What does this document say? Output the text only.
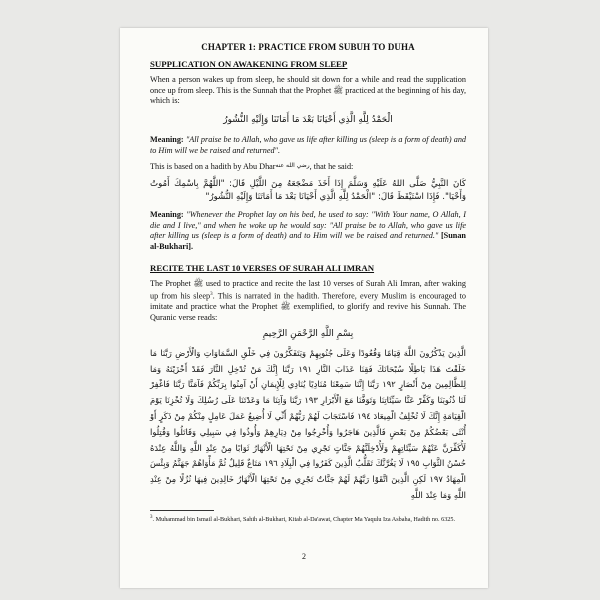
CHAPTER 1: PRACTICE FROM SUBUH TO DUHA
SUPPLICATION ON AWAKENING FROM SLEEP

When a person wakes up from sleep, he should sit down for a while and read the supplication once up from sleep. This is the Sunnah that the Prophet ﷺ practiced at the beginning of his day, which is:

الْحَمْدُ لِلَّهِ الَّذِي أَحْيَانَا بَعْدَ مَا أَمَاتَنَا وَإِلَيْهِ النُّشُورُ

Meaning: "All praise be to Allah, who gave us life after killing us (sleep is a form of death) and to Him will we be raised and returned".

This is based on a hadith by Abu Dhar$^{رضي الله عنه}$, that he said:

كَانَ النَّبِيُّ صَلَّى اللهُ عَلَيْهِ وَسَلَّمَ إِذَا أَخَذَ مَضْجَعَهُ مِنَ اللَّيْلِ قَالَ: "اللَّهُمَّ بِاسْمِكَ أَمُوتُ وَأَحْيَا". فَإِذَا اسْتَيْقَظَ قَالَ: "الْحَمْدُ لِلَّهِ الَّذِي أَحْيَانَا بَعْدَ مَا أَمَاتَنَا وَإِلَيْهِ النُّشُورُ"

Meaning: "Whenever the Prophet lay on his bed, he used to say: "With Your name, O Allah, I die and I live," and when he woke up he would say: "All praise be to Allah, who gave us life after killing us (sleep is a form of death) and to Him will we be raised and returned." [Sunan al-Bukhari].

RECITE THE LAST 10 VERSES OF SURAH ALI IMRAN

The Prophet ﷺ used to practice and recite the last 10 verses of Surah Ali Imran, after waking up from his sleep$^3$. This is narrated in the hadith. Therefore, every Muslim is encouraged to imitate and practice what the Prophet ﷺ exemplified, to glorify and revive his Sunnah. The Quranic verse reads:

بِسْمِ اللَّهِ الرَّحْمَنِ الرَّحِيمِ
الَّذِينَ يَذْكُرُونَ اللَّهَ قِيَامًا وَقُعُودًا وَعَلَى جُنُوبِهِمْ وَيَتَفَكَّرُونَ فِي خَلْقِ السَّمَاوَاتِ وَالْأَرْضِ رَبَّنَا مَا خَلَقْتَ هَذَا بَاطِلًا سُبْحَانَكَ فَقِنَا عَذَابَ النَّارِ ١٩١ رَبَّنَا إِنَّكَ مَنْ تُدْخِلِ النَّارَ فَقَدْ أَخْزَيْتَهُ وَمَا لِلظَّالِمِينَ مِنْ أَنْصَارٍ ١٩٢ رَبَّنَا إِنَّنَا سَمِعْنَا مُنَادِيًا يُنَادِي لِلْإِيمَانِ أَنْ آمِنُوا بِرَبِّكُمْ فَآمَنَّا رَبَّنَا فَاغْفِرْ لَنَا ذُنُوبَنَا وَكَفِّرْ عَنَّا سَيِّئَاتِنَا وَتَوَفَّنَا مَعَ الْأَبْرَارِ ١٩٣ رَبَّنَا وَآتِنَا مَا وَعَدْتَنَا عَلَى رُسُلِكَ وَلَا تُخْزِنَا يَوْمَ الْقِيَامَةِ إِنَّكَ لَا تُخْلِفُ الْمِيعَادَ ١٩٤ فَاسْتَجَابَ لَهُمْ رَبُّهُمْ أَنِّي لَا أُضِيعُ عَمَلَ عَامِلٍ مِنْكُمْ مِنْ ذَكَرٍ أَوْ أُنْثَى بَعْضُكُمْ مِنْ بَعْضٍ فَالَّذِينَ هَاجَرُوا وَأُخْرِجُوا مِنْ دِيَارِهِمْ وَأُوذُوا فِي سَبِيلِي وَقَاتَلُوا وَقُتِلُوا لَأُكَفِّرَنَّ عَنْهُمْ سَيِّئَاتِهِمْ وَلَأُدْخِلَنَّهُمْ جَنَّاتٍ تَجْرِي مِنْ تَحْتِهَا الْأَنْهَارُ ثَوَابًا مِنْ عِنْدِ اللَّهِ وَاللَّهُ عِنْدَهُ حُسْنُ الثَّوَابِ ١٩٥ لَا يَغُرَّنَّكَ تَقَلُّبُ الَّذِينَ كَفَرُوا فِي الْبِلَادِ ١٩٦ مَتَاعٌ قَلِيلٌ ثُمَّ مَأْوَاهُمْ جَهَنَّمُ وَبِئْسَ الْمِهَادُ ١٩٧ لَكِنِ الَّذِينَ اتَّقَوْا رَبَّهُمْ لَهُمْ جَنَّاتٌ تَجْرِي مِنْ تَحْتِهَا الْأَنْهَارُ خَالِدِينَ فِيهَا نُزُلًا مِنْ عِنْدِ اللَّهِ وَمَا عِنْدَ اللَّهِ
$^3$. Muhammad bin Ismail al-Bukhari, Sahih al-Bukhari, Kitab al-Da'awat, Chapter Ma Yaqulu Iza Asbaha, Hadith no. 6325.
2
